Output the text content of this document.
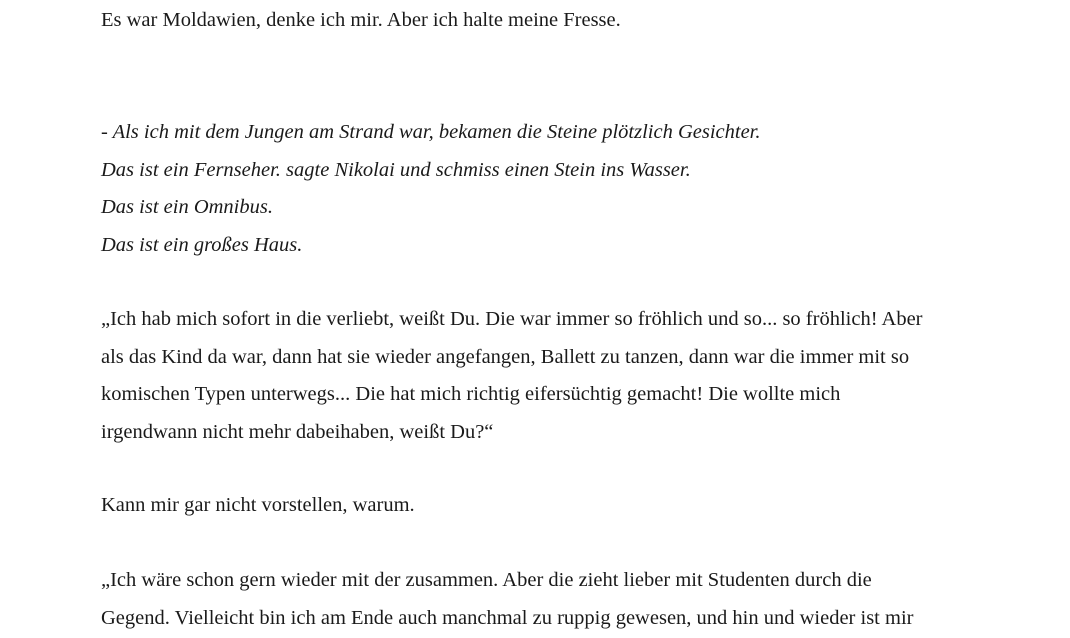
Es war Moldawien, denke ich mir. Aber ich halte meine Fresse.

- Als ich mit dem Jungen am Strand war, bekamen die Steine plötzlich Gesichter.
Das ist ein Fernseher. sagte Nikolai und schmiss einen Stein ins Wasser.
Das ist ein Omnibus.
Das ist ein großes Haus.

„Ich hab mich sofort in die verliebt, weißt Du. Die war immer so fröhlich und so... so fröhlich! Aber
als das Kind da war, dann hat sie wieder angefangen, Ballett zu tanzen, dann war die immer mit so
komischen Typen unterwegs... Die hat mich richtig eifersüchtig gemacht! Die wollte mich
irgendwann nicht mehr dabeihaben, weißt Du?“

Kann mir gar nicht vorstellen, warum.

„Ich wäre schon gern wieder mit der zusammen. Aber die zieht lieber mit Studenten durch die
Gegend. Vielleicht bin ich am Ende auch manchmal zu ruppig gewesen, und hin und wieder ist mir
